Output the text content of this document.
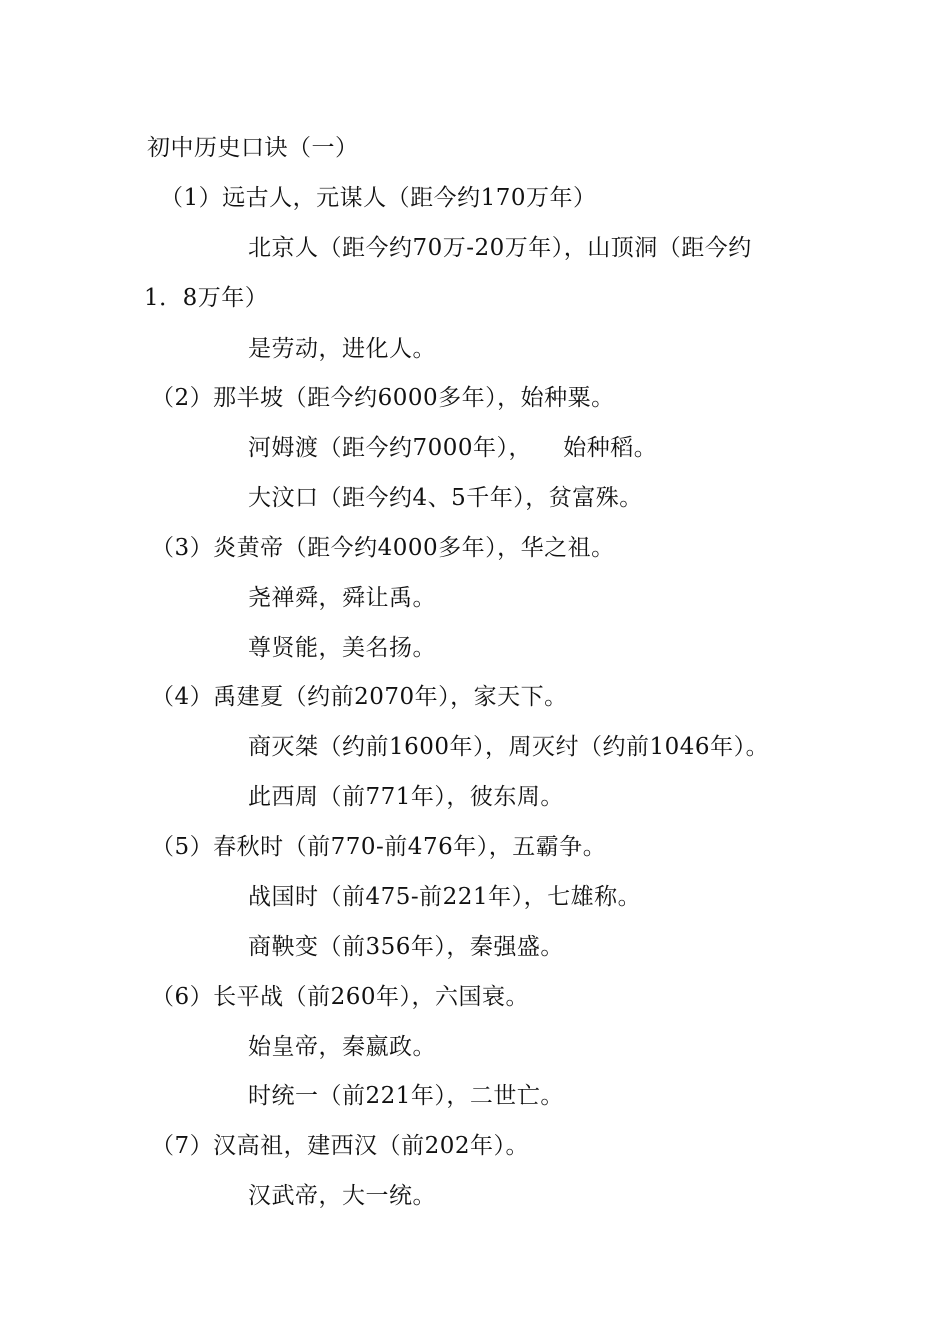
初中历史口诀（一）
（1）远古人，元谋人（距今约170万年）
北京人（距今约70万-20万年），山顶洞（距今约
1．8万年）
是劳动，进化人。
（2）那半坡（距今约6000多年），始种粟。
河姆渡（距今约7000年），    始种稻。
大汶口（距今约4、5千年），贫富殊。
（3）炎黄帝（距今约4000多年），华之祖。
尧禅舜，舜让禹。
尊贤能，美名扬。
（4）禹建夏（约前2070年），家天下。
商灭桀（约前1600年），周灭纣（约前1046年）。
此西周（前771年），彼东周。
（5）春秋时（前770-前476年），五霸争。
战国时（前475-前221年），七雄称。
商鞅变（前356年），秦强盛。
（6）长平战（前260年），六国衰。
始皇帝，秦嬴政。
时统一（前221年），二世亡。
（7）汉高祖，建西汉（前202年）。
汉武帝，大一统。
